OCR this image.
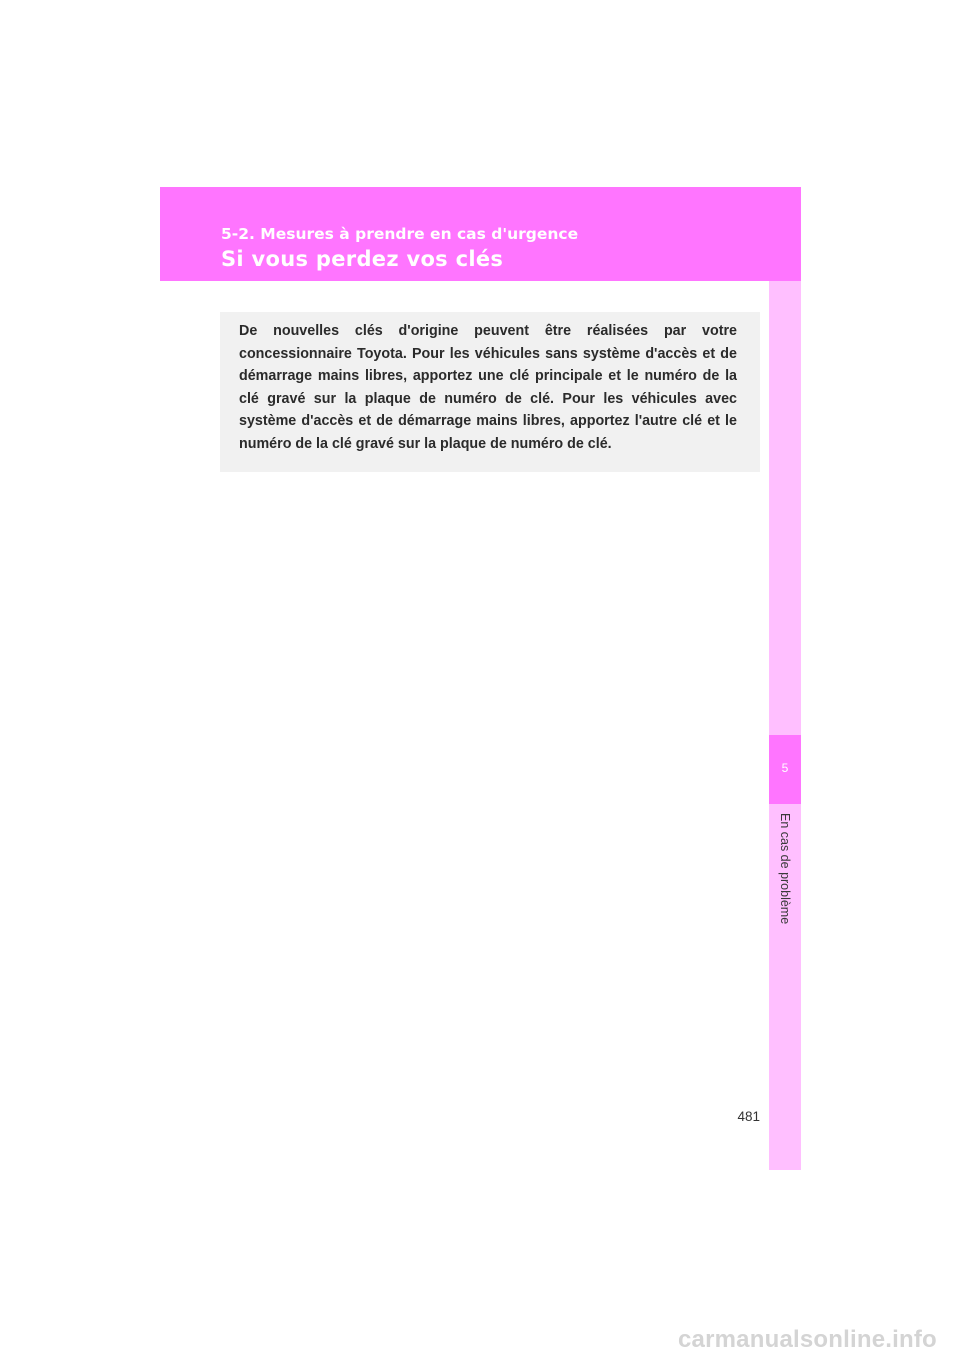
5-2. Mesures à prendre en cas d'urgence
Si vous perdez vos clés
5
En cas de problème

De nouvelles clés d'origine peuvent être réalisées par votre concessionnaire Toyota. Pour les véhicules sans système d'accès et de démarrage mains libres, apportez une clé principale et le numéro de la clé gravé sur la plaque de numéro de clé. Pour les véhicules avec système d'accès et de démarrage mains libres, apportez l'autre clé et le numéro de la clé gravé sur la plaque de numéro de clé.

481
carmanualsonline.info
